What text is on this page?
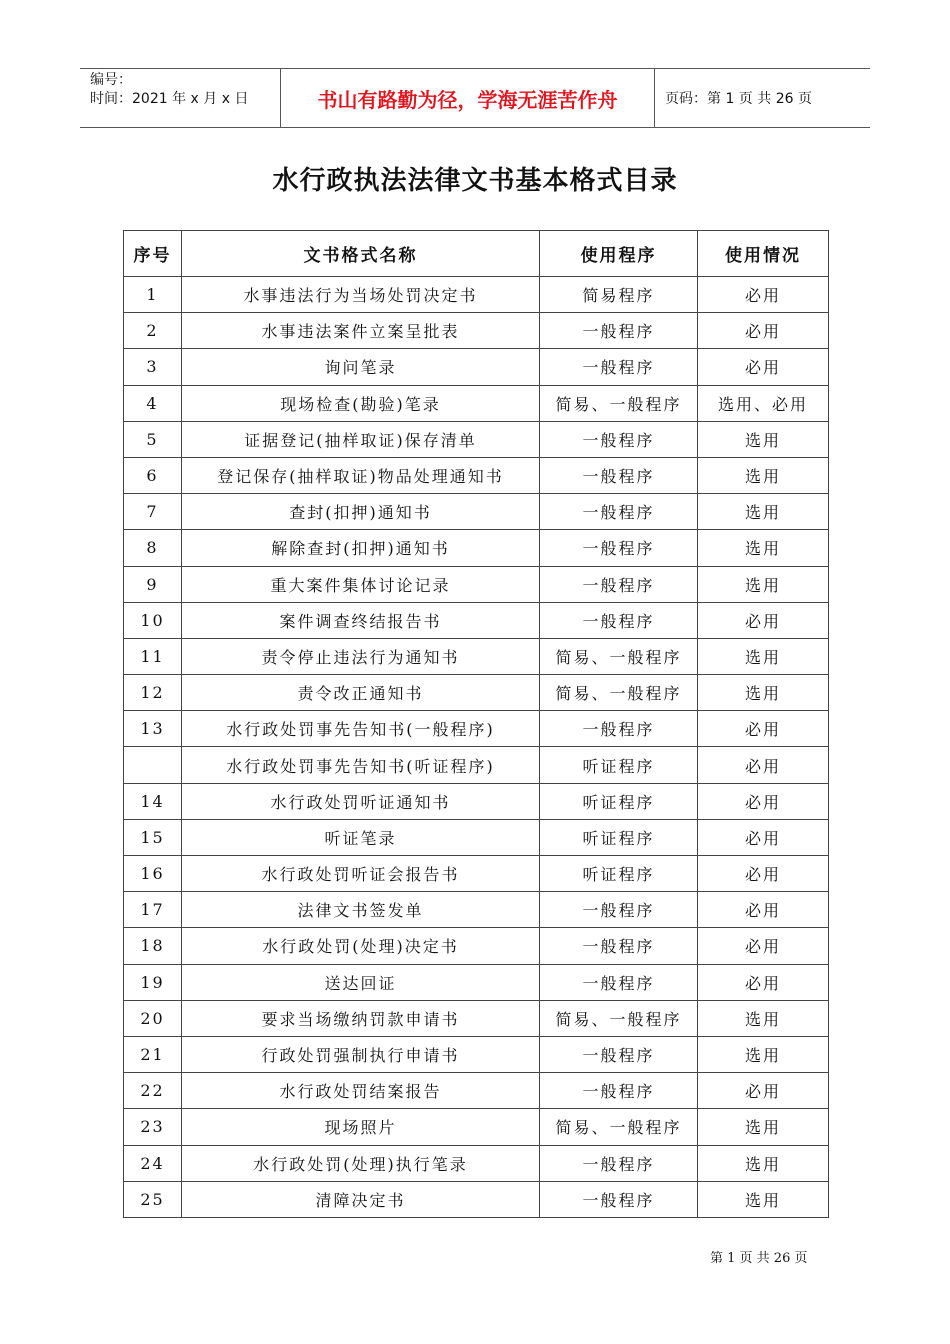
编号：
时间：2021 年 x 月 x 日	书山有路勤为径，学海无涯苦作舟	页码：第 1 页 共 26 页
水行政执法法律文书基本格式目录
序号	文书格式名称	使用程序	使用情况
1	水事违法行为当场处罚决定书	简易程序	必用
2	水事违法案件立案呈批表	一般程序	必用
3	询问笔录	一般程序	必用
4	现场检查(勘验)笔录	简易、一般程序	选用、必用
5	证据登记(抽样取证)保存清单	一般程序	选用
6	登记保存(抽样取证)物品处理通知书	一般程序	选用
7	查封(扣押)通知书	一般程序	选用
8	解除查封(扣押)通知书	一般程序	选用
9	重大案件集体讨论记录	一般程序	选用
10	案件调查终结报告书	一般程序	必用
11	责令停止违法行为通知书	简易、一般程序	选用
12	责令改正通知书	简易、一般程序	选用
13	水行政处罚事先告知书(一般程序)	一般程序	必用
	水行政处罚事先告知书(听证程序)	听证程序	必用
14	水行政处罚听证通知书	听证程序	必用
15	听证笔录	听证程序	必用
16	水行政处罚听证会报告书	听证程序	必用
17	法律文书签发单	一般程序	必用
18	水行政处罚(处理)决定书	一般程序	必用
19	送达回证	一般程序	必用
20	要求当场缴纳罚款申请书	简易、一般程序	选用
21	行政处罚强制执行申请书	一般程序	选用
22	水行政处罚结案报告	一般程序	必用
23	现场照片	简易、一般程序	选用
24	水行政处罚(处理)执行笔录	一般程序	选用
25	清障决定书	一般程序	选用
第 1 页 共 26 页
